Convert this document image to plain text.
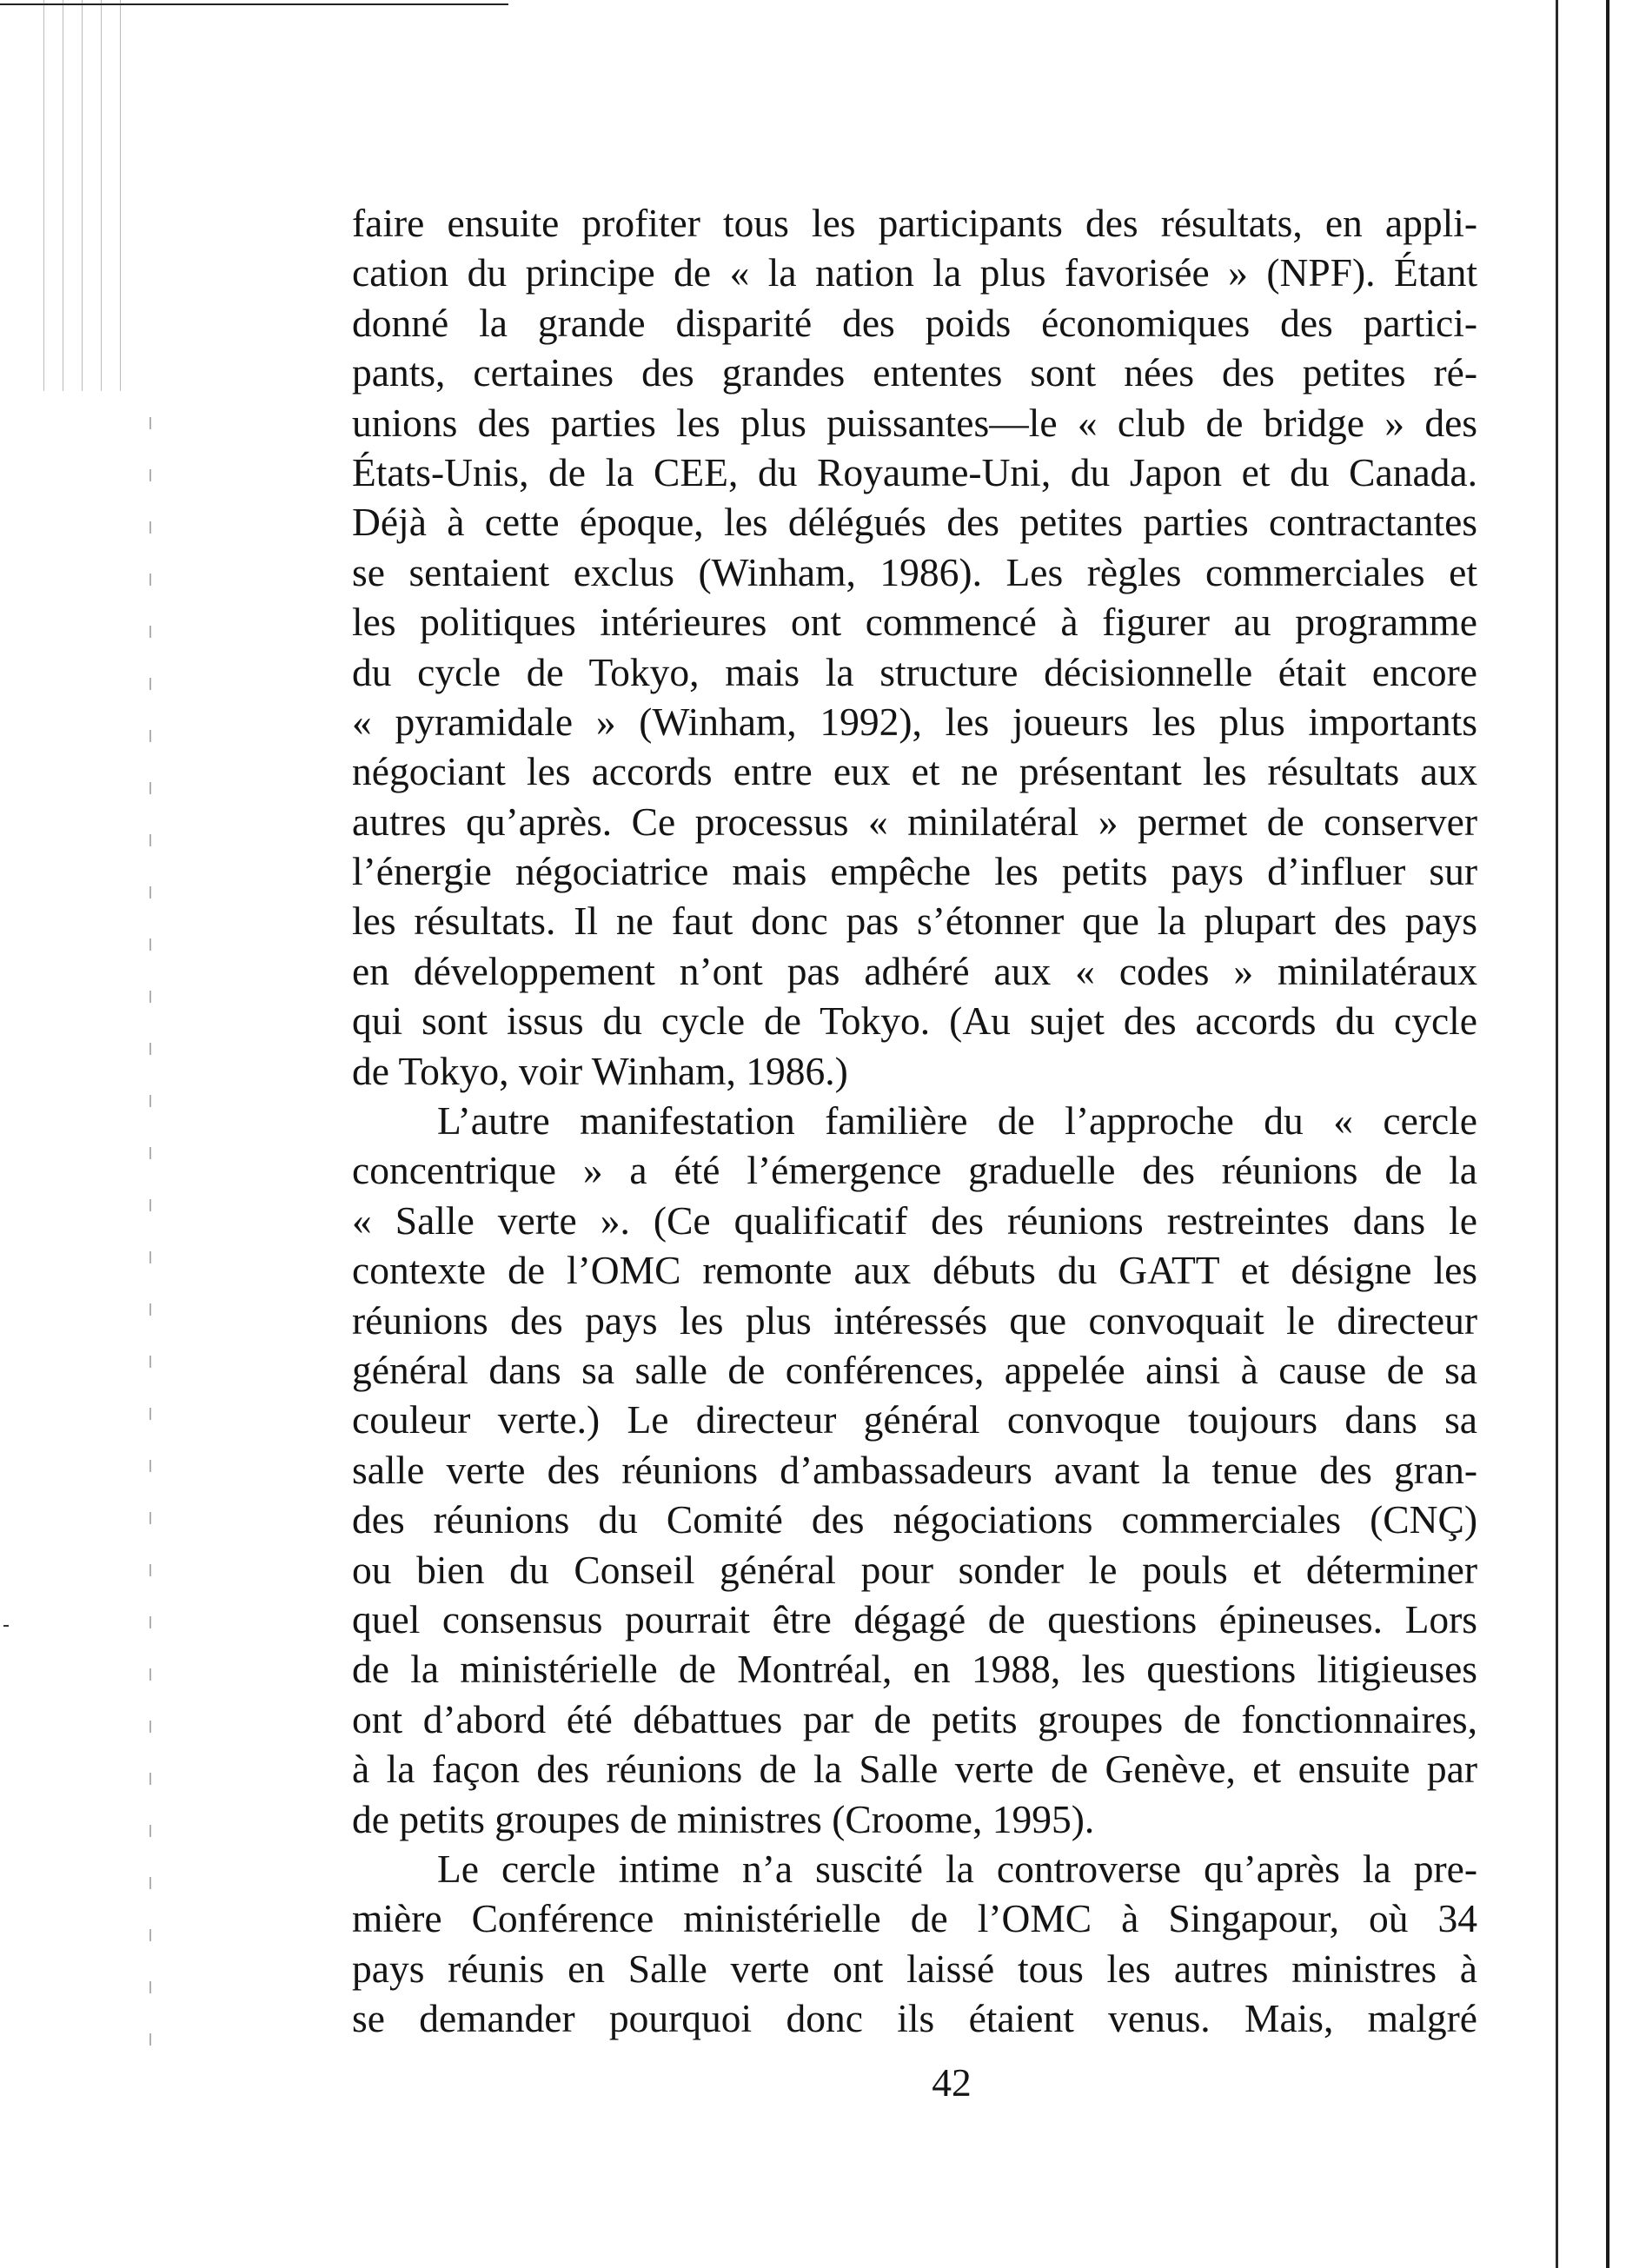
faire ensuite profiter tous les participants des résultats, en appli-
cation du principe de « la nation la plus favorisée » (NPF). Étant
donné la grande disparité des poids économiques des partici-
pants, certaines des grandes ententes sont nées des petites ré-
unions des parties les plus puissantes—le « club de bridge » des
États-Unis, de la CEE, du Royaume-Uni, du Japon et du Canada.
Déjà à cette époque, les délégués des petites parties contractantes
se sentaient exclus (Winham, 1986). Les règles commerciales et
les politiques intérieures ont commencé à figurer au programme
du cycle de Tokyo, mais la structure décisionnelle était encore
« pyramidale » (Winham, 1992), les joueurs les plus importants
négociant les accords entre eux et ne présentant les résultats aux
autres qu’après. Ce processus « minilatéral » permet de conserver
l’énergie négociatrice mais empêche les petits pays d’influer sur
les résultats. Il ne faut donc pas s’étonner que la plupart des pays
en développement n’ont pas adhéré aux « codes » minilatéraux
qui sont issus du cycle de Tokyo. (Au sujet des accords du cycle
de Tokyo, voir Winham, 1986.)
L’autre manifestation familière de l’approche du « cercle
concentrique » a été l’émergence graduelle des réunions de la
« Salle verte ». (Ce qualificatif des réunions restreintes dans le
contexte de l’OMC remonte aux débuts du GATT et désigne les
réunions des pays les plus intéressés que convoquait le directeur
général dans sa salle de conférences, appelée ainsi à cause de sa
couleur verte.) Le directeur général convoque toujours dans sa
salle verte des réunions d’ambassadeurs avant la tenue des gran-
des réunions du Comité des négociations commerciales (CNÇ)
ou bien du Conseil général pour sonder le pouls et déterminer
quel consensus pourrait être dégagé de questions épineuses. Lors
de la ministérielle de Montréal, en 1988, les questions litigieuses
ont d’abord été débattues par de petits groupes de fonctionnaires,
à la façon des réunions de la Salle verte de Genève, et ensuite par
de petits groupes de ministres (Croome, 1995).
Le cercle intime n’a suscité la controverse qu’après la pre-
mière Conférence ministérielle de l’OMC à Singapour, où 34
pays réunis en Salle verte ont laissé tous les autres ministres à
se demander pourquoi donc ils étaient venus. Mais, malgré
42
